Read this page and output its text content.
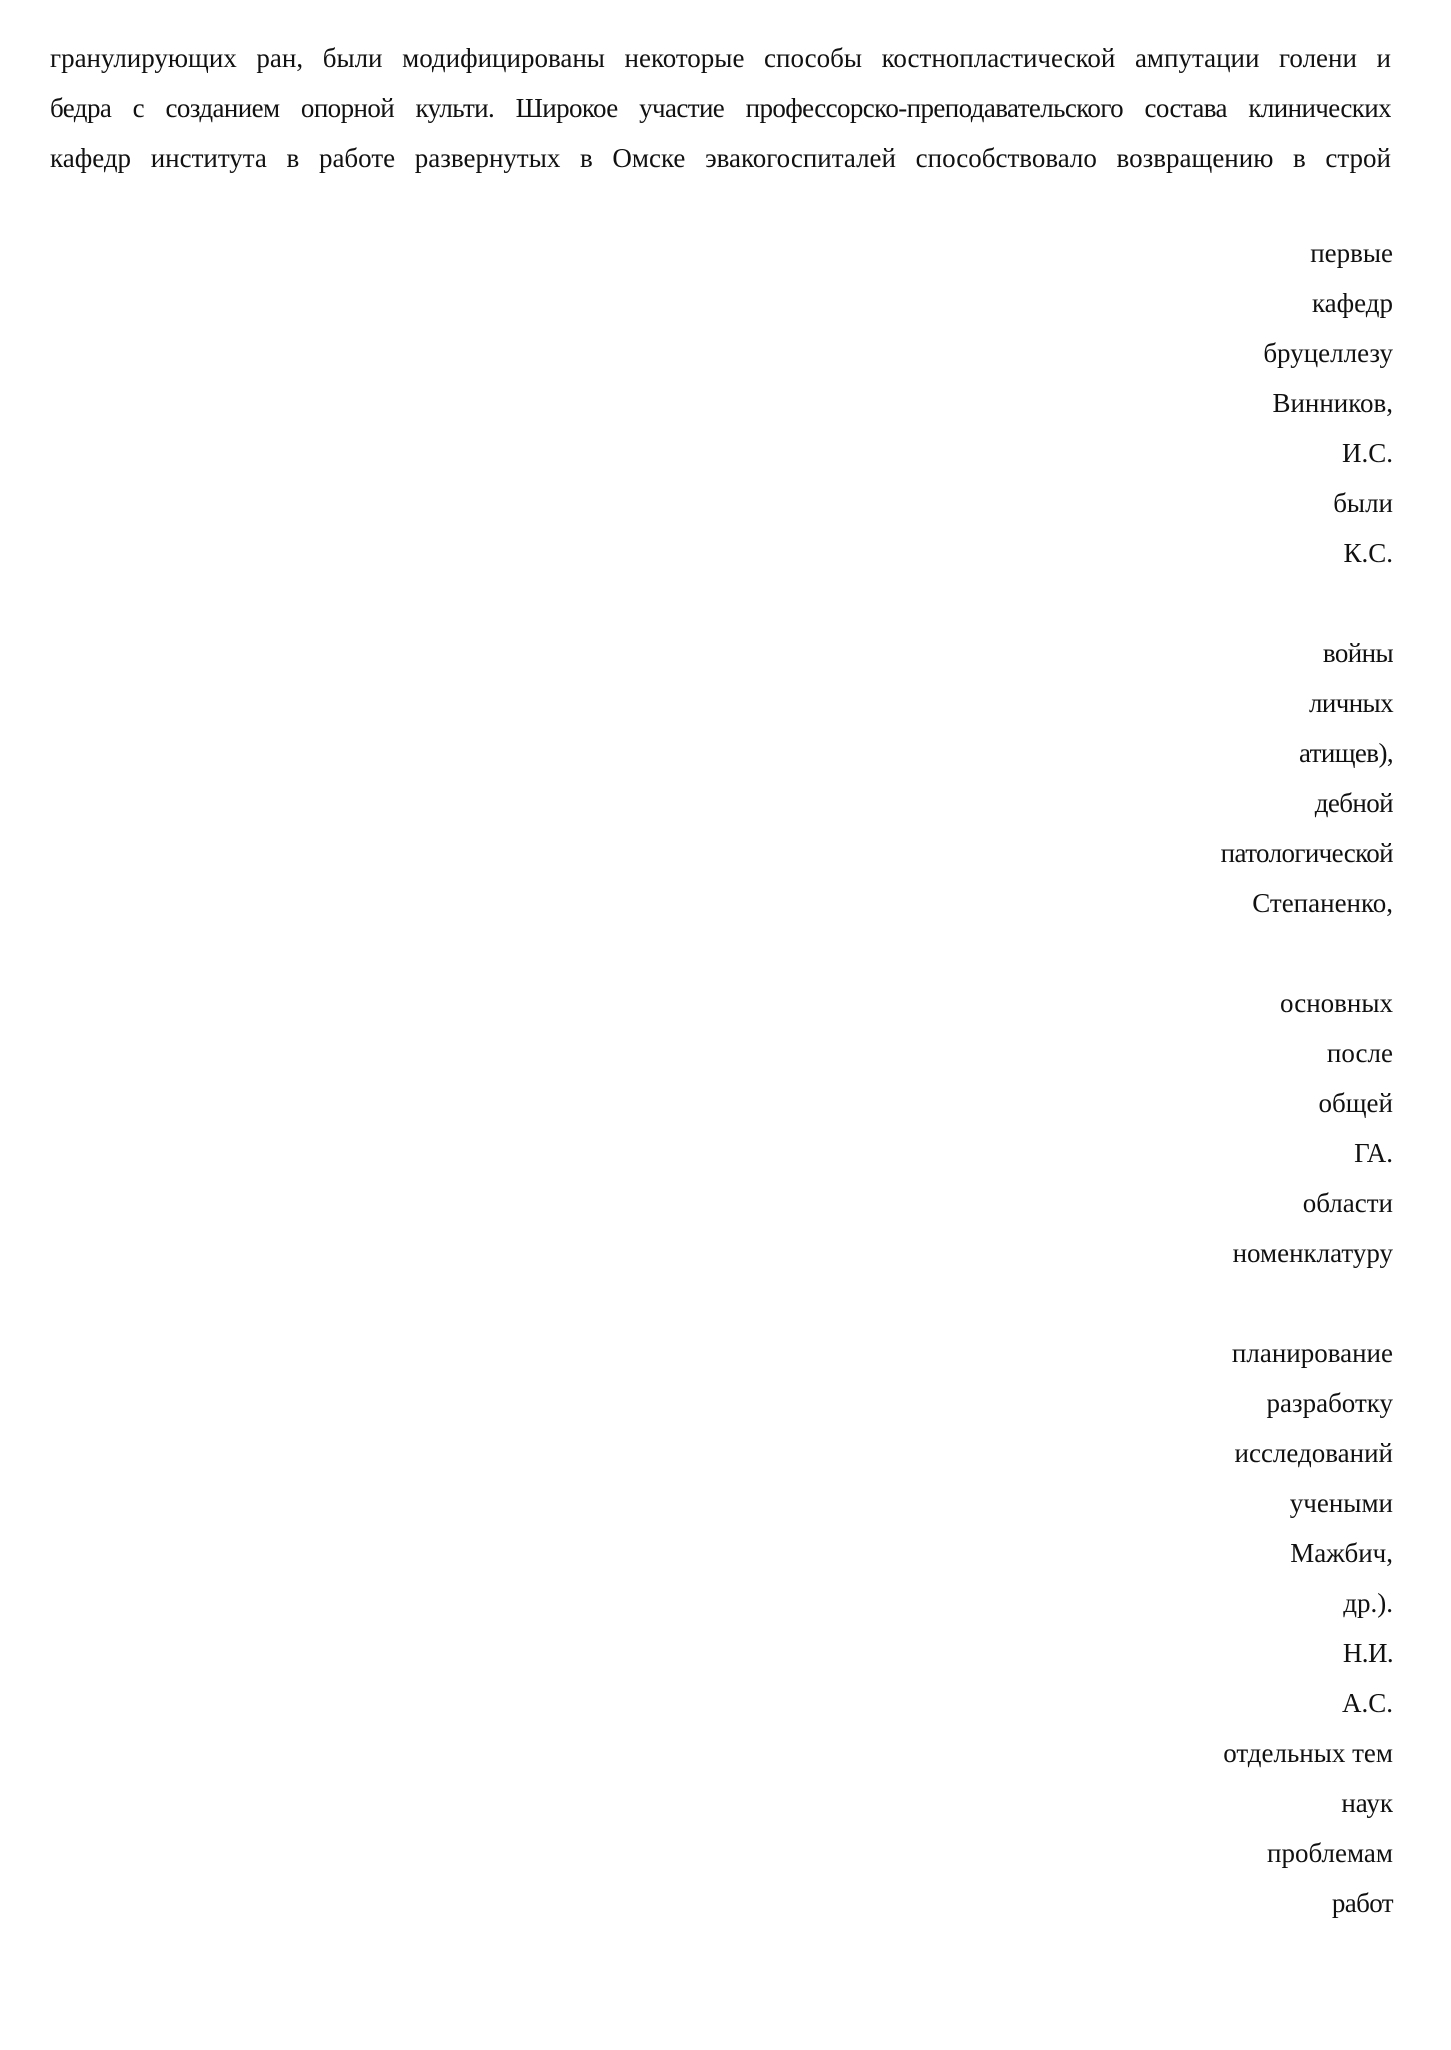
гранулирующих ран, были модифицированы некоторые способы костнопластической ампутации голени и
бедра с созданием опорной культи. Широкое участие профессорско-преподавательского состава клинических
кафедр института в работе развернутых в Омске эвакогоспиталей способствовало возвращению в строй
первые
кафедр
бруцеллезу
Винников,
И.С.
были
К.С.
войны
личных
атищев),
дебной
патологической
Степаненко,
основных
после
общей
ГА.
области
номенклатуру
планирование
разработку
исследований
учеными
Мажбич,
др.).
Н.И.
А.С.
отдельных тем
наук
проблемам
работ
